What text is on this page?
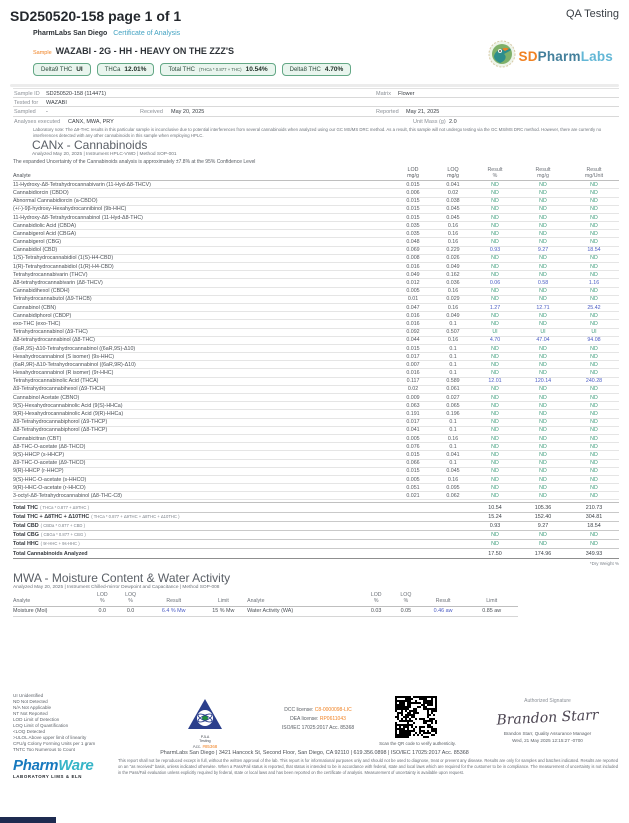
SD250520-158 page 1 of 1	QA Testing
PharmLabs San Diego Certificate of Analysis
Sample WAZABI - 2G - HH - HEAVY ON THE ZZZ'S
Delta9 THC UI	THCa 12.01%	Total THC (THCa * 0.877 + THC) 10.54%	Delta8 THC 4.70%
SDPharmLabs
Sample ID SD250520-158 (114471)	Matrix Flower
Tested for WAZABI
Sampled -	Received May 20, 2025	Reported May 21, 2025
Analyses executed CANX, MWA, PRY	Unit Mass (g) 2.0
Laboratory note: The Δ9-THC results in this particular sample is inconclusive due to potential interferences from several cannabinoids when analyzed using our GC MS/MS DRC method. As a result, this sample will not undergo testing via the GC MS/MS DRC method. However, there are currently no interferences detected with any other cannabinoids in this sample when employing HPLC.
CANx - Cannabinoids
Analyzed May 20, 2025 | Instrument HPLC-VWD | Method SOP-001
The expanded Uncertainty of the Cannabinoids analysis is approximately ±7.8% at the 95% Confidence Level
Analyte
LOD
mg/g
LOQ
mg/g
Result
%
Result
mg/g
Result
mg/Unit
11-Hydroxy-Δ8-Tetrahydrocannabivarin (11-Hyd-Δ8-THCV)	0.015	0.041	ND	ND	ND
Cannabidiorcin (CBDO)	0.006	0.02	ND	ND	ND
Abnormal Cannabidiorcin (a-CBDO)	0.015	0.038	ND	ND	ND
(+/-)-9β-hydroxy-Hexahydrocannibinol (9b-HHC)	0.015	0.045	ND	ND	ND
11-Hydroxy-Δ8-Tetrahydrocannabinol (11-Hyd-Δ8-THC)	0.015	0.045	ND	ND	ND
Cannabidiolic Acid (CBDA)	0.035	0.16	ND	ND	ND
Cannabigerol Acid (CBGA)	0.035	0.16	ND	ND	ND
Cannabigerol (CBG)	0.048	0.16	ND	ND	ND
Cannabidiol (CBD)	0.069	0.229	0.93	9.27	18.54
1(S)-Tetrahydrocannabidiol (1(S)-H4-CBD)	0.008	0.026	ND	ND	ND
1(R)-Tetrahydrocannabidiol (1(R)-H4-CBD)	0.016	0.049	ND	ND	ND
Tetrahydrocannabivarin (THCV)	0.049	0.162	ND	ND	ND
Δ8-tetrahydrocannabivarin (Δ8-THCV)	0.012	0.036	0.06	0.58	1.16
Cannabidihexol (CBDH)	0.005	0.16	ND	ND	ND
Tetrahydrocannabutol (Δ9-THCB)	0.01	0.029	ND	ND	ND
Cannabinol (CBN)	0.047	0.16	1.27	12.71	25.42
Cannabidiphorol (CBDP)	0.016	0.049	ND	ND	ND
exo-THC (exo-THC)	0.016	0.1	ND	ND	ND
Tetrahydrocannabinol (Δ9-THC)	0.092	0.507	UI	UI	UI
Δ8-tetrahydrocannabinol (Δ8-THC)	0.044	0.16	4.70	47.04	94.08
(6aR,9S)-Δ10-Tetrahydrocannabinol ((6aR,9S)-Δ10)	0.015	0.1	ND	ND	ND
Hexahydrocannabinol (S isomer) (9s-HHC)	0.017	0.1	ND	ND	ND
(6aR,9R)-Δ10-Tetrahydrocannabinol ((6aR,9R)-Δ10)	0.007	0.1	ND	ND	ND
Hexahydrocannabinol (R isomer) (9r-HHC)	0.016	0.1	ND	ND	ND
Tetrahydrocannabinolic Acid (THCA)	0.117	0.589	12.01	120.14	240.28
Δ9-Tetrahydrocannabihexol (Δ9-THCH)	0.02	0.061	ND	ND	ND
Cannabinol Acetate (CBNO)	0.009	0.027	ND	ND	ND
9(S)-Hexahydrocannabinolic Acid (9(S)-HHCa)	0.063	0.065	ND	ND	ND
9(R)-Hexahydrocannabinolic Acid (9(R)-HHCa)	0.191	0.196	ND	ND	ND
Δ9-Tetrahydrocannabiphorol (Δ9-THCP)	0.017	0.1	ND	ND	ND
Δ8-Tetrahydrocannabiphorol (Δ8-THCP)	0.041	0.1	ND	ND	ND
Cannabicitran (CBT)	0.005	0.16	ND	ND	ND
Δ8-THC-O-acetate (Δ8-THCO)	0.076	0.1	ND	ND	ND
9(S)-HHCP (s-HHCP)	0.015	0.041	ND	ND	ND
Δ9-THC-O-acetate (Δ9-THCO)	0.066	0.1	ND	ND	ND
9(R)-HHCP (r-HHCP)	0.015	0.045	ND	ND	ND
9(S)-HHC-O-acetate (s-HHCO)	0.005	0.16	ND	ND	ND
9(R)-HHC-O-acetate (r-HHCO)	0.051	0.095	ND	ND	ND
3-octyl-Δ8-Tetrahydrocannabinol (Δ8-THC-C8)	0.021	0.062	ND	ND	ND
Total THC ( THCa * 0.877 + Δ9THC )	10.54	105.36	210.73
Total THC + Δ8THC + Δ10THC ( THCa * 0.877 + Δ9THC + Δ8THC + Δ10THC )	15.24	152.40	304.81
Total CBD ( CBDa * 0.877 + CBD )	0.93	9.27	18.54
Total CBG ( CBGa * 0.877 + CBG )	ND	ND	ND
Total HHC ( 9r-HHC + 9s-HHC )	ND	ND	ND
Total Cannabinoids Analyzed	17.50	174.96	349.93
*Dry Weight %
MWA - Moisture Content & Water Activity
Analyzed May 20, 2025 | Instrument Chilled-mirror Dewpoint and Capacitance | Method SOP-008
Analyte
LOD
%
LOQ
%	Result	Limit	Analyte
LOD
%
LOQ
%	Result	Limit
Moisture (Moi)	0.0	0.0	6.4 % Mw	15 % Mw	Water Activity (WA)	0.03	0.05	0.46 aw	0.85 aw
UI Unidentified
ND Not Detected
N/A Not Applicable
NT Not Reported
LOD Limit of Detection
LOQ Limit of Quantification
<LOQ Detected
>ULOL Above upper limit of linearity
CFU/g Colony Forming Units per 1 gram
TNTC Too Numerous to Count
PJLA
Testing
Acc. #85368
DCC license: C8-0000098-LIC
DEA license: RP0611043
ISO/IEC 17025:2017 Acc. 85368
Scan the QR code to verify authenticity.
Authorized Signature
Brandon Starr
Brandon Starr, Quality Assurance Manager
Wed, 21 May 2025 12:15:27 -0700
PharmLabs San Diego | 3421 Hancock St, Second Floor, San Diego, CA 92110 | 619.356.0898 | ISO/IEC 17025:2017 Acc. 85368
PharmWare
LABORATORY LIMS & ELN
This report shall not be reproduced except in full, without the written approval of the lab. This report is for informational purposes only and should not be used to diagnose, treat or prevent any disease. Results are only for samples and batches indicated. Results are reported on an "as received" basis, unless indicated otherwise. When a Pass/Fail status is reported, that status is intended to be in accordance with federal, state and local laws which are required for the customer to be in compliance. The measurement of uncertainty is not included in the Pass/Fail evaluation unless explicitly required by federal, state or local laws and has been reported on the certificate of analysis. Measurement of uncertainty is available upon request.
